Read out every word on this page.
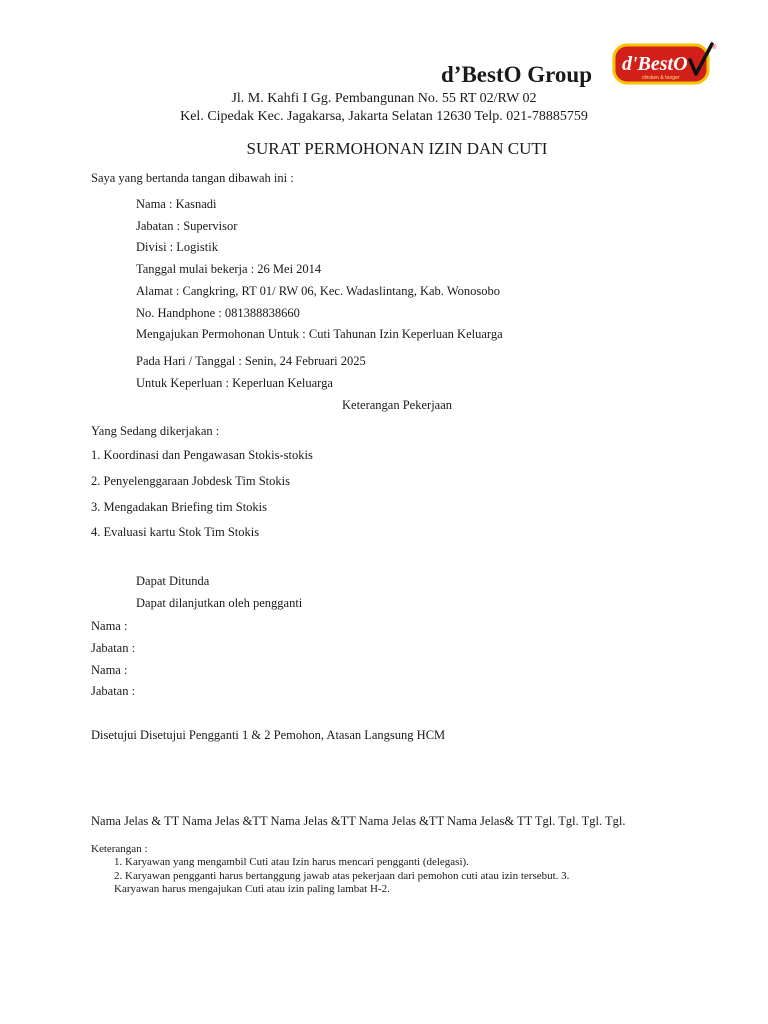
d’BestO Group d'BestO
chicken & burger
®
Jl. M. Kahfi I Gg. Pembangunan No. 55 RT 02/RW 02
Kel. Cipedak Kec. Jagakarsa, Jakarta Selatan 12630 Telp. 021-78885759
SURAT PERMOHONAN IZIN DAN CUTI
Saya yang bertanda tangan dibawah ini :
Nama : Kasnadi
Jabatan : Supervisor
Divisi : Logistik
Tanggal mulai bekerja : 26 Mei 2014
Alamat : Cangkring, RT 01/ RW 06, Kec. Wadaslintang, Kab. Wonosobo
No. Handphone : 081388838660
Mengajukan Permohonan Untuk : Cuti Tahunan Izin Keperluan Keluarga
Pada Hari / Tanggal : Senin, 24 Februari 2025
Untuk Keperluan : Keperluan Keluarga
Keterangan Pekerjaan
Yang Sedang dikerjakan :
1. Koordinasi dan Pengawasan Stokis-stokis
2. Penyelenggaraan Jobdesk Tim Stokis
3. Mengadakan Briefing tim Stokis
4. Evaluasi kartu Stok Tim Stokis
Dapat Ditunda
Dapat dilanjutkan oleh pengganti
Nama :
Jabatan :
Nama :
Jabatan :
Disetujui Disetujui Pengganti 1 & 2 Pemohon, Atasan Langsung HCM
Nama Jelas & TT Nama Jelas &TT Nama Jelas &TT Nama Jelas &TT Nama Jelas& TT Tgl. Tgl. Tgl. Tgl.
Keterangan :
1. Karyawan yang mengambil Cuti atau Izin harus mencari pengganti (delegasi).
2. Karyawan pengganti harus bertanggung jawab atas pekerjaan dari pemohon cuti atau izin tersebut. 3.
Karyawan harus mengajukan Cuti atau izin paling lambat H-2.
